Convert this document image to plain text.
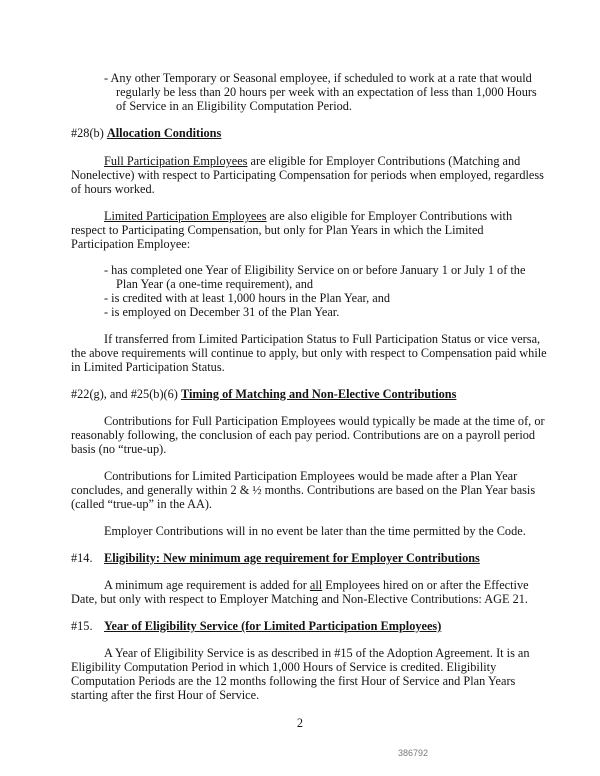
- Any other Temporary or Seasonal employee, if scheduled to work at a rate that would
regularly be less than 20 hours per week with an expectation of less than 1,000 Hours
of Service in an Eligibility Computation Period.
#28(b) Allocation Conditions
Full Participation Employees are eligible for Employer Contributions (Matching and
Nonelective) with respect to Participating Compensation for periods when employed, regardless
of hours worked.
Limited Participation Employees are also eligible for Employer Contributions with
respect to Participating Compensation, but only for Plan Years in which the Limited
Participation Employee:
- has completed one Year of Eligibility Service on or before January 1 or July 1 of the
Plan Year (a one-time requirement), and
- is credited with at least 1,000 hours in the Plan Year, and
- is employed on December 31 of the Plan Year.
If transferred from Limited Participation Status to Full Participation Status or vice versa,
the above requirements will continue to apply, but only with respect to Compensation paid while
in Limited Participation Status.
#22(g), and #25(b)(6) Timing of Matching and Non-Elective Contributions
Contributions for Full Participation Employees would typically be made at the time of, or
reasonably following, the conclusion of each pay period. Contributions are on a payroll period
basis (no “true-up).
Contributions for Limited Participation Employees would be made after a Plan Year
concludes, and generally within 2 & ½ months. Contributions are based on the Plan Year basis
(called “true-up” in the AA).
Employer Contributions will in no event be later than the time permitted by the Code.
#14. Eligibility: New minimum age requirement for Employer Contributions
A minimum age requirement is added for all Employees hired on or after the Effective
Date, but only with respect to Employer Matching and Non-Elective Contributions: AGE 21.
#15. Year of Eligibility Service (for Limited Participation Employees)
A Year of Eligibility Service is as described in #15 of the Adoption Agreement. It is an
Eligibility Computation Period in which 1,000 Hours of Service is credited. Eligibility
Computation Periods are the 12 months following the first Hour of Service and Plan Years
starting after the first Hour of Service.
2
386792
